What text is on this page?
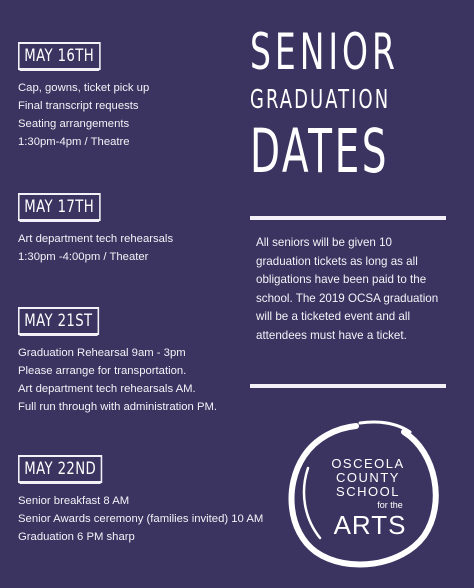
MAY 16TH
Cap, gowns, ticket pick up
Final transcript requests
Seating arrangements
1:30pm-4pm / Theatre
MAY 17TH
Art department tech rehearsals
1:30pm -4:00pm / Theater
MAY 21ST
Graduation Rehearsal 9am - 3pm
Please arrange for transportation.
Art department tech rehearsals AM.
Full run through with administration PM.
MAY 22ND
Senior breakfast 8 AM
Senior Awards ceremony (families invited) 10 AM
Graduation 6 PM sharp
SENIOR
GRADUATION
DATES
All seniors will be given 10 graduation tickets as long as all obligations have been paid to the school. The 2019 OCSA graduation will be a ticketed event and all attendees must have a ticket.
OSCEOLA
COUNTY
SCHOOL
for the
ARTS
